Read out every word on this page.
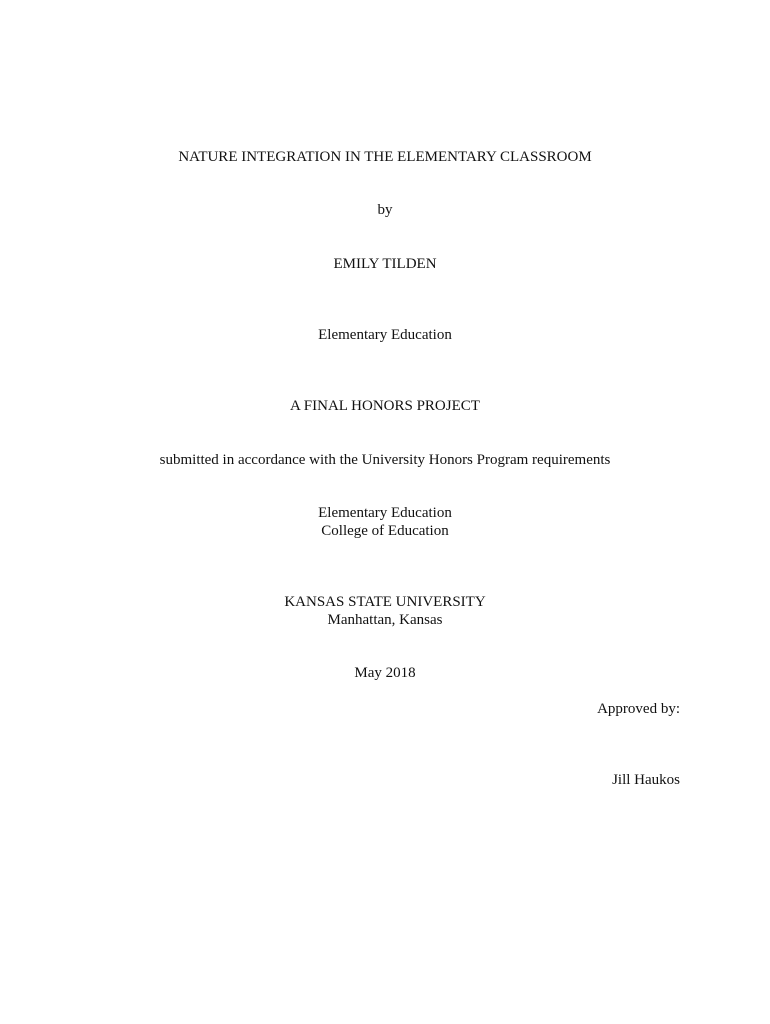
NATURE INTEGRATION IN THE ELEMENTARY CLASSROOM
by
EMILY TILDEN
Elementary Education
A FINAL HONORS PROJECT
submitted in accordance with the University Honors Program requirements
Elementary Education
College of Education
KANSAS STATE UNIVERSITY
Manhattan, Kansas
May 2018
Approved by:
Jill Haukos
